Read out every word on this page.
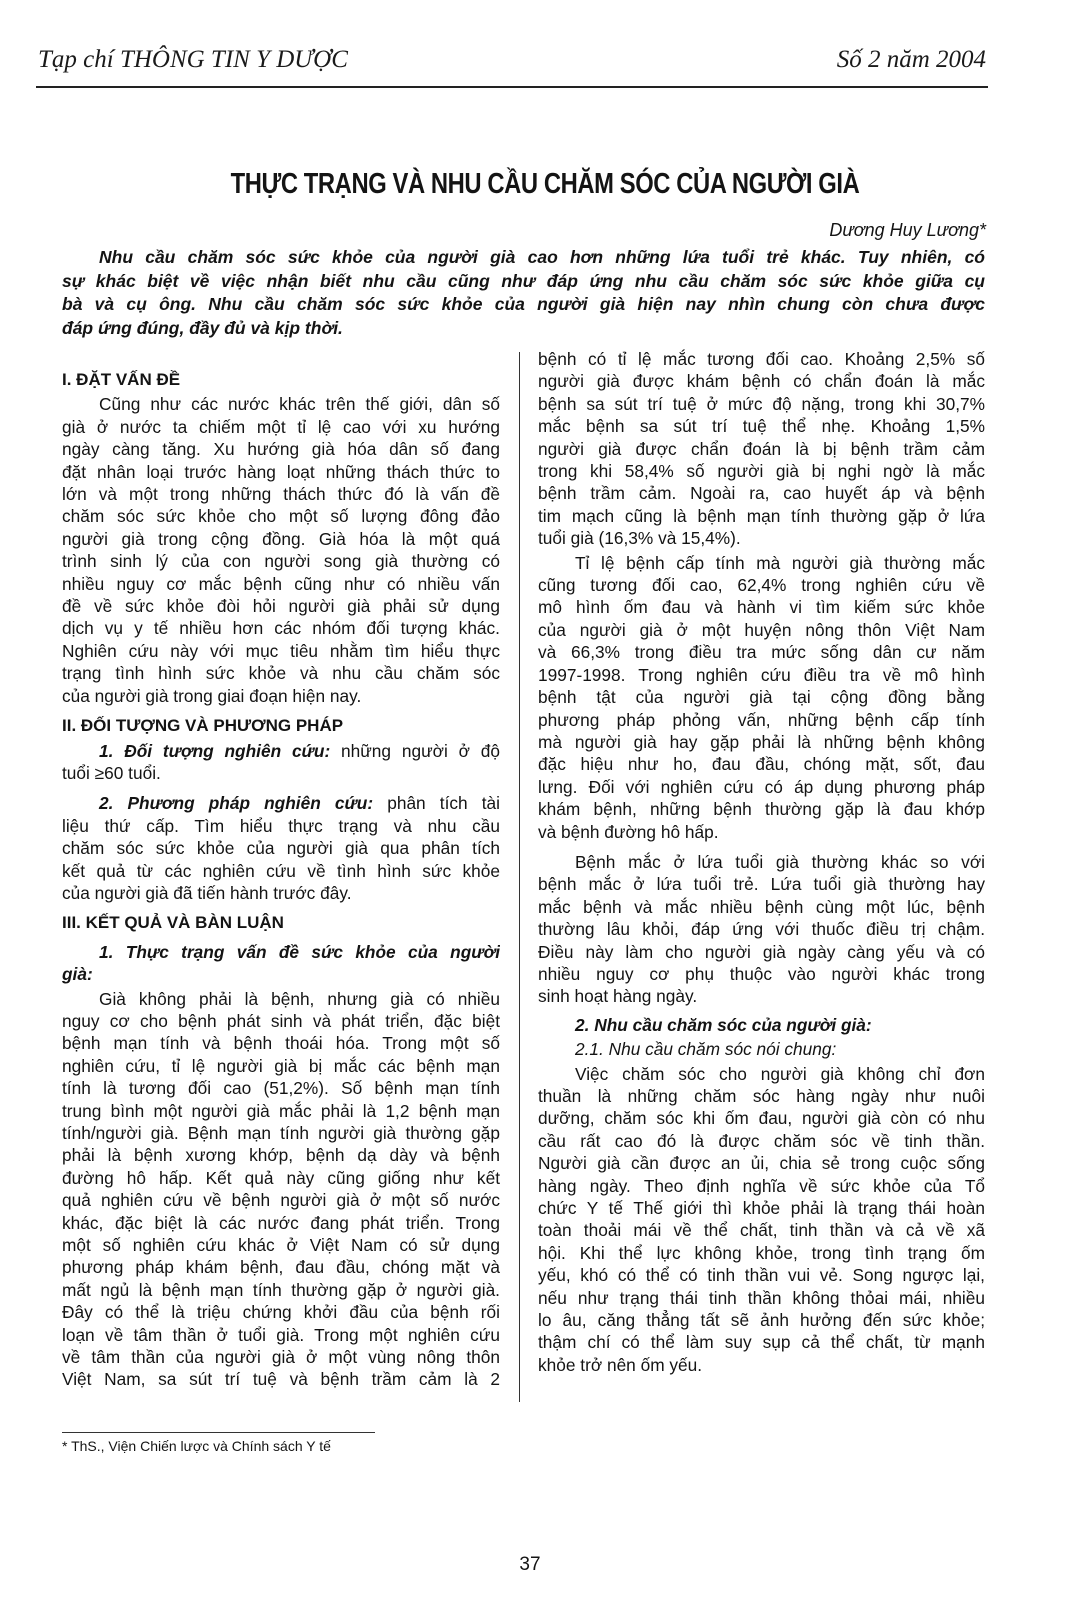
Tạp chí THÔNG TIN Y DƯỢC	Số 2 năm 2004
THỰC TRẠNG VÀ NHU CẦU CHĂM SÓC CỦA NGƯỜI GIÀ
Dương Huy Lương*
Nhu cầu chăm sóc sức khỏe của người già cao hơn những lứa tuổi trẻ khác. Tuy nhiên, có
sự khác biệt về việc nhận biết nhu cầu cũng như đáp ứng nhu cầu chăm sóc sức khỏe giữa cụ
bà và cụ ông. Nhu cầu chăm sóc sức khỏe của người già hiện nay nhìn chung còn chưa được
đáp ứng đúng, đầy đủ và kịp thời.
I. ĐẶT VẤN ĐỀ
Cũng như các nước khác trên thế giới, dân số
già ở nước ta chiếm một tỉ lệ cao với xu hướng
ngày càng tăng. Xu hướng già hóa dân số đang
đặt nhân loại trước hàng loạt những thách thức to
lớn và một trong những thách thức đó là vấn đề
chăm sóc sức khỏe cho một số lượng đông đảo
người già trong cộng đồng. Già hóa là một quá
trình sinh lý của con người song già thường có
nhiều nguy cơ mắc bệnh cũng như có nhiều vấn
đề về sức khỏe đòi hỏi người già phải sử dụng
dịch vụ y tế nhiều hơn các nhóm đối tượng khác.
Nghiên cứu này với mục tiêu nhằm tìm hiểu thực
trạng tình hình sức khỏe và nhu cầu chăm sóc
của người già trong giai đoạn hiện nay.
II. ĐỐI TƯỢNG VÀ PHƯƠNG PHÁP
1. Đối tượng nghiên cứu: những người ở độ
tuổi ≥60 tuổi.
2. Phương pháp nghiên cứu: phân tích tài
liệu thứ cấp. Tìm hiểu thực trạng và nhu cầu
chăm sóc sức khỏe của người già qua phân tích
kết quả từ các nghiên cứu về tình hình sức khỏe
của người già đã tiến hành trước đây.
III. KẾT QUẢ VÀ BÀN LUẬN
1. Thực trạng vấn đề sức khỏe của người
già:
Già không phải là bệnh, nhưng già có nhiều
nguy cơ cho bệnh phát sinh và phát triển, đặc biệt
bệnh mạn tính và bệnh thoái hóa. Trong một số
nghiên cứu, tỉ lệ người già bị mắc các bệnh mạn
tính là tương đối cao (51,2%). Số bệnh mạn tính
trung bình một người già mắc phải là 1,2 bệnh mạn
tính/người già. Bệnh mạn tính người già thường gặp
phải là bệnh xương khớp, bệnh dạ dày và bệnh
đường hô hấp. Kết quả này cũng giống như kết
quả nghiên cứu về bệnh người già ở một số nước
khác, đặc biệt là các nước đang phát triển. Trong
một số nghiên cứu khác ở Việt Nam có sử dụng
phương pháp khám bệnh, đau đầu, chóng mặt và
mất ngủ là bệnh mạn tính thường gặp ở người già.
Đây có thể là triệu chứng khởi đầu của bệnh rối
loạn về tâm thần ở tuổi già. Trong một nghiên cứu
về tâm thần của người già ở một vùng nông thôn
Việt Nam, sa sút trí tuệ và bệnh trầm cảm là 2
bệnh có tỉ lệ mắc tương đối cao. Khoảng 2,5% số
người già được khám bệnh có chẩn đoán là mắc
bệnh sa sút trí tuệ ở mức độ nặng, trong khi 30,7%
mắc bệnh sa sút trí tuệ thể nhẹ. Khoảng 1,5%
người già được chẩn đoán là bị bệnh trầm cảm
trong khi 58,4% số người già bị nghi ngờ là mắc
bệnh trầm cảm. Ngoài ra, cao huyết áp và bệnh
tim mạch cũng là bệnh mạn tính thường gặp ở lứa
tuổi già (16,3% và 15,4%).
Tỉ lệ bệnh cấp tính mà người già thường mắc
cũng tương đối cao, 62,4% trong nghiên cứu về
mô hình ốm đau và hành vi tìm kiếm sức khỏe
của người già ở một huyện nông thôn Việt Nam
và 66,3% trong điều tra mức sống dân cư năm
1997-1998. Trong nghiên cứu điều tra về mô hình
bệnh tật của người già tại cộng đồng bằng
phương pháp phỏng vấn, những bệnh cấp tính
mà người già hay gặp phải là những bệnh không
đặc hiệu như ho, đau đầu, chóng mặt, sốt, đau
lưng. Đối với nghiên cứu có áp dụng phương pháp
khám bệnh, những bệnh thường gặp là đau khớp
và bệnh đường hô hấp.
Bệnh mắc ở lứa tuổi già thường khác so với
bệnh mắc ở lứa tuổi trẻ. Lứa tuổi già thường hay
mắc bệnh và mắc nhiều bệnh cùng một lúc, bệnh
thường lâu khỏi, đáp ứng với thuốc điều trị chậm.
Điều này làm cho người già ngày càng yếu và có
nhiều nguy cơ phụ thuộc vào người khác trong
sinh hoạt hàng ngày.
2. Nhu cầu chăm sóc của người già:
2.1. Nhu cầu chăm sóc nói chung:
Việc chăm sóc cho người già không chỉ đơn
thuần là những chăm sóc hàng ngày như nuôi
dưỡng, chăm sóc khi ốm đau, người già còn có nhu
cầu rất cao đó là được chăm sóc về tinh thần.
Người già cần được an ủi, chia sẻ trong cuộc sống
hàng ngày. Theo định nghĩa về sức khỏe của Tổ
chức Y tế Thế giới thì khỏe phải là trạng thái hoàn
toàn thoải mái về thể chất, tinh thần và cả về xã
hội. Khi thể lực không khỏe, trong tình trạng ốm
yếu, khó có thể có tinh thần vui vẻ. Song ngược lại,
nếu như trạng thái tinh thần không thỏai mái, nhiều
lo âu, căng thẳng tất sẽ ảnh hưởng đến sức khỏe;
thậm chí có thể làm suy sụp cả thể chất, từ mạnh
khỏe trở nên ốm yếu.
* ThS., Viện Chiến lược và Chính sách Y tế
37
